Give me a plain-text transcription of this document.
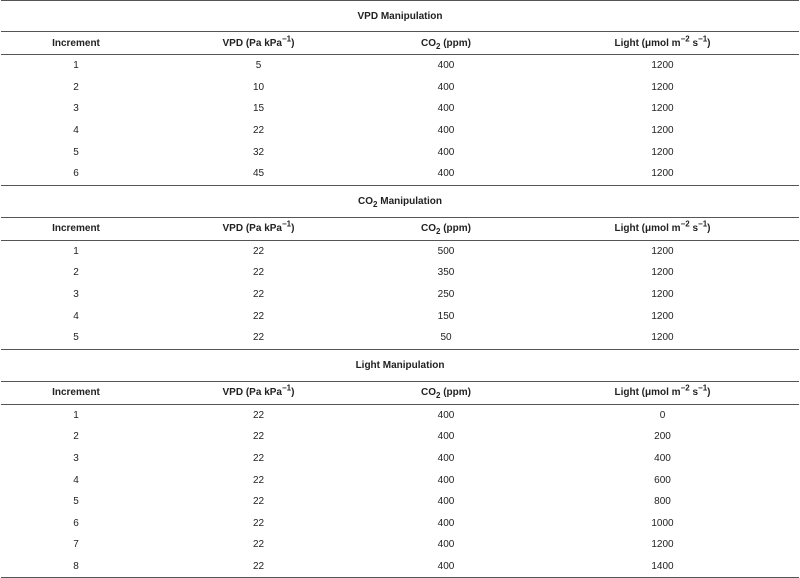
VPD Manipulation			
Increment	VPD (Pa kPa$^{-1}$)	$CO_2$ (ppm)	Light (μmol $m^{-2}$ $s^{-1}$)
1	5	400	1200
2	10	400	1200
3	15	400	1200
4	22	400	1200
5	32	400	1200
6	45	400	1200
$CO_2$ Manipulation			
Increment	VPD (Pa kPa$^{-1}$)	$CO_2$ (ppm)	Light (μmol $m^{-2}$ $s^{-1}$)
1	22	500	1200
2	22	350	1200
3	22	250	1200
4	22	150	1200
5	22	50	1200
Light Manipulation			
Increment	VPD (Pa kPa$^{-1}$)	$CO_2$ (ppm)	Light (μmol $m^{-2}$ $s^{-1}$)
1	22	400	0
2	22	400	200
3	22	400	400
4	22	400	600
5	22	400	800
6	22	400	1000
7	22	400	1200
8	22	400	1400
